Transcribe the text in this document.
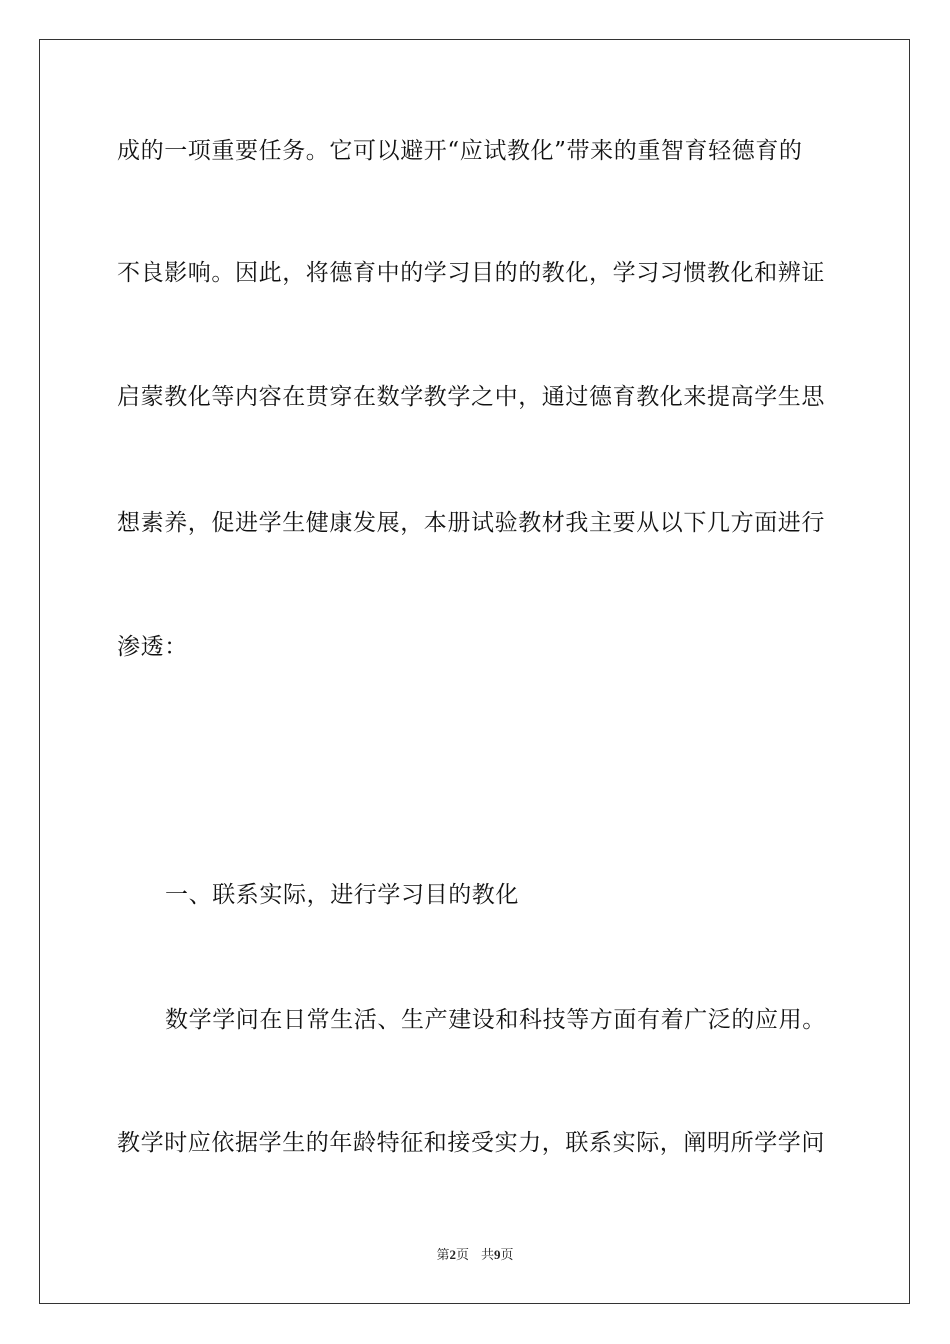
成的一项重要任务。它可以避开“应试教化”带来的重智育轻德育的
不良影响。因此，将德育中的学习目的的教化，学习习惯教化和辨证
启蒙教化等内容在贯穿在数学教学之中，通过德育教化来提高学生思
想素养，促进学生健康发展，本册试验教材我主要从以下几方面进行
渗透：
一、联系实际，进行学习目的教化
数学学问在日常生活、生产建设和科技等方面有着广泛的应用。
教学时应依据学生的年龄特征和接受实力，联系实际，阐明所学学问
第2页 共9页
